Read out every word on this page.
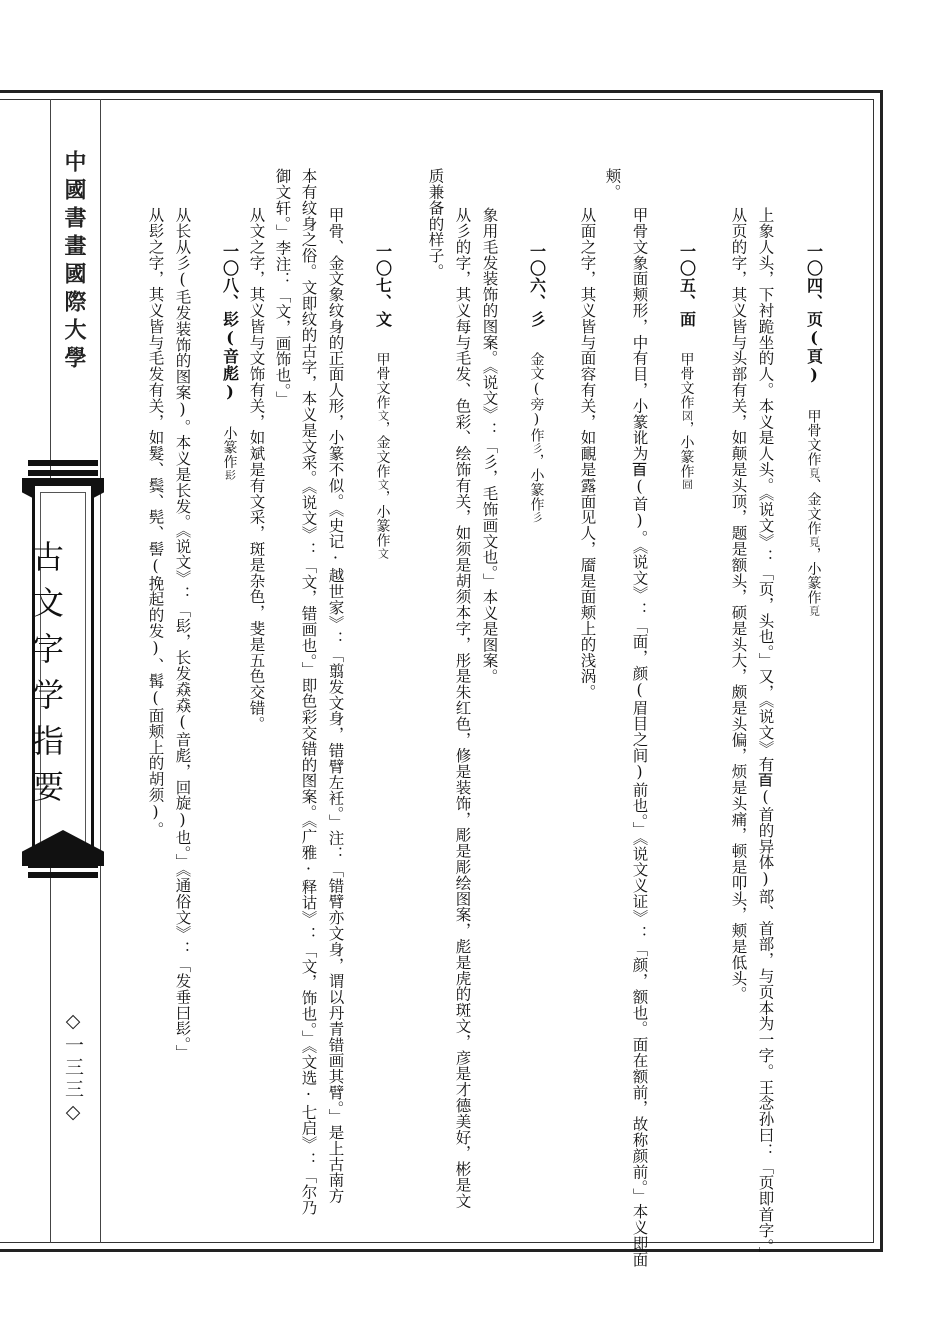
中國書畫國際大學
古文字学指要
◇一三三◇
一〇四、页(頁)甲骨文作𩑋、金文作𩑋，小篆作𩑋
上象人头，下衬跪坐的人。本义是人头。《说文》：「页，头也。」又，《说文》有𦣻(首的异体)部、首部，与页本为一字。王念孙曰：「页即首字。」
从页的字，其义皆与头部有关，如颠是头顶，题是额头，硕是头大，颇是头偏，烦是头痛，顿是叩头，颊是低头。
一〇五、面甲骨文作㘝，小篆作𡇢
甲骨文象面颊形，中有目，小篆讹为𦣻(首)。《说文》：「面，颜(眉目之间)前也。」《说文义证》：「颜，额也。面在额前，故称颜前。」本义即面
颊。
从面之字，其义皆与面容有关，如靦是露面见人，靥是面颊上的浅涡。
一〇六、彡金文(旁)作彡，小篆作彡
象用毛发装饰的图案。《说文》：「彡，毛饰画文也。」本义是图案。
从彡的字，其义每与毛发、色彩、绘饰有关，如须是胡须本字，彤是朱红色，修是装饰，彫是彫绘图案，彪是虎的斑文，彦是才德美好，彬是文
质兼备的样子。
一〇七、文甲骨文作文，金文作文，小篆作文
甲骨、金文象纹身的正面人形，小篆不似。《史记·越世家》：「翦发文身，错臂左衽。」注：「错臂亦文身，谓以丹青错画其臂。」是上古南方
本有纹身之俗。文即纹的古字，本义是文采。《说文》：「文，错画也。」即色彩交错的图案。《广雅·释诂》：「文，饰也。」《文选·七启》：「尔乃
御文轩。」李注：「文，画饰也。」
从文之字，其义皆与文饰有关，如斌是有文采，斑是杂色，斐是五色交错。
一〇八、髟(音彪)小篆作髟
从长从彡(毛发装饰的图案)。本义是长发。《说文》：「髟，长发猋猋(音彪，回旋)也。」《通俗文》：「发垂曰髟。」
从髟之字，其义皆与毛发有关，如髮、鬓、髡、髻(挽起的发)、髯(面颊上的胡须)。
